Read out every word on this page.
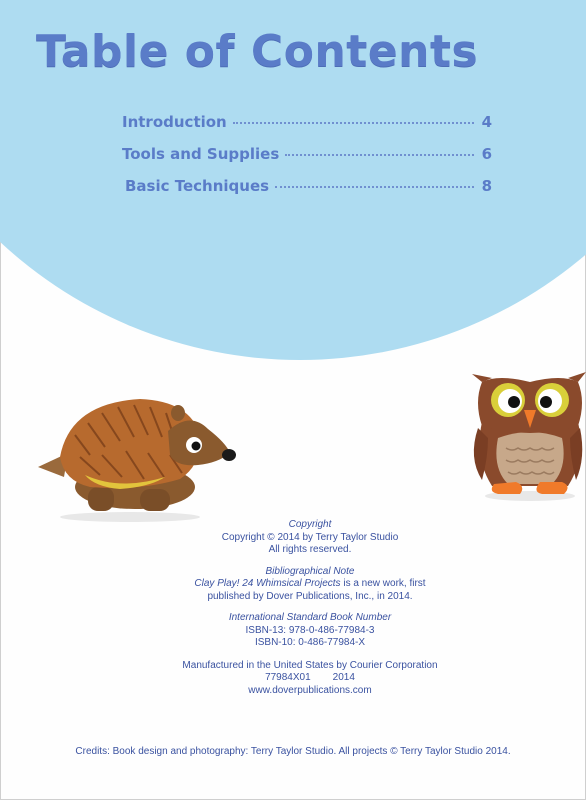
Table of Contents
Introduction	4
Tools and Supplies	6
Basic Techniques	8
Copyright
Copyright © 2014 by Terry Taylor Studio
All rights reserved.
Bibliographical Note
Clay Play! 24 Whimsical Projects is a new work, first
published by Dover Publications, Inc., in 2014.
International Standard Book Number
ISBN-13: 978-0-486-77984-3
ISBN-10: 0-486-77984-X
Manufactured in the United States by Courier Corporation
77984X01 2014
www.doverpublications.com
Credits: Book design and photography: Terry Taylor Studio. All projects © Terry Taylor Studio 2014.
